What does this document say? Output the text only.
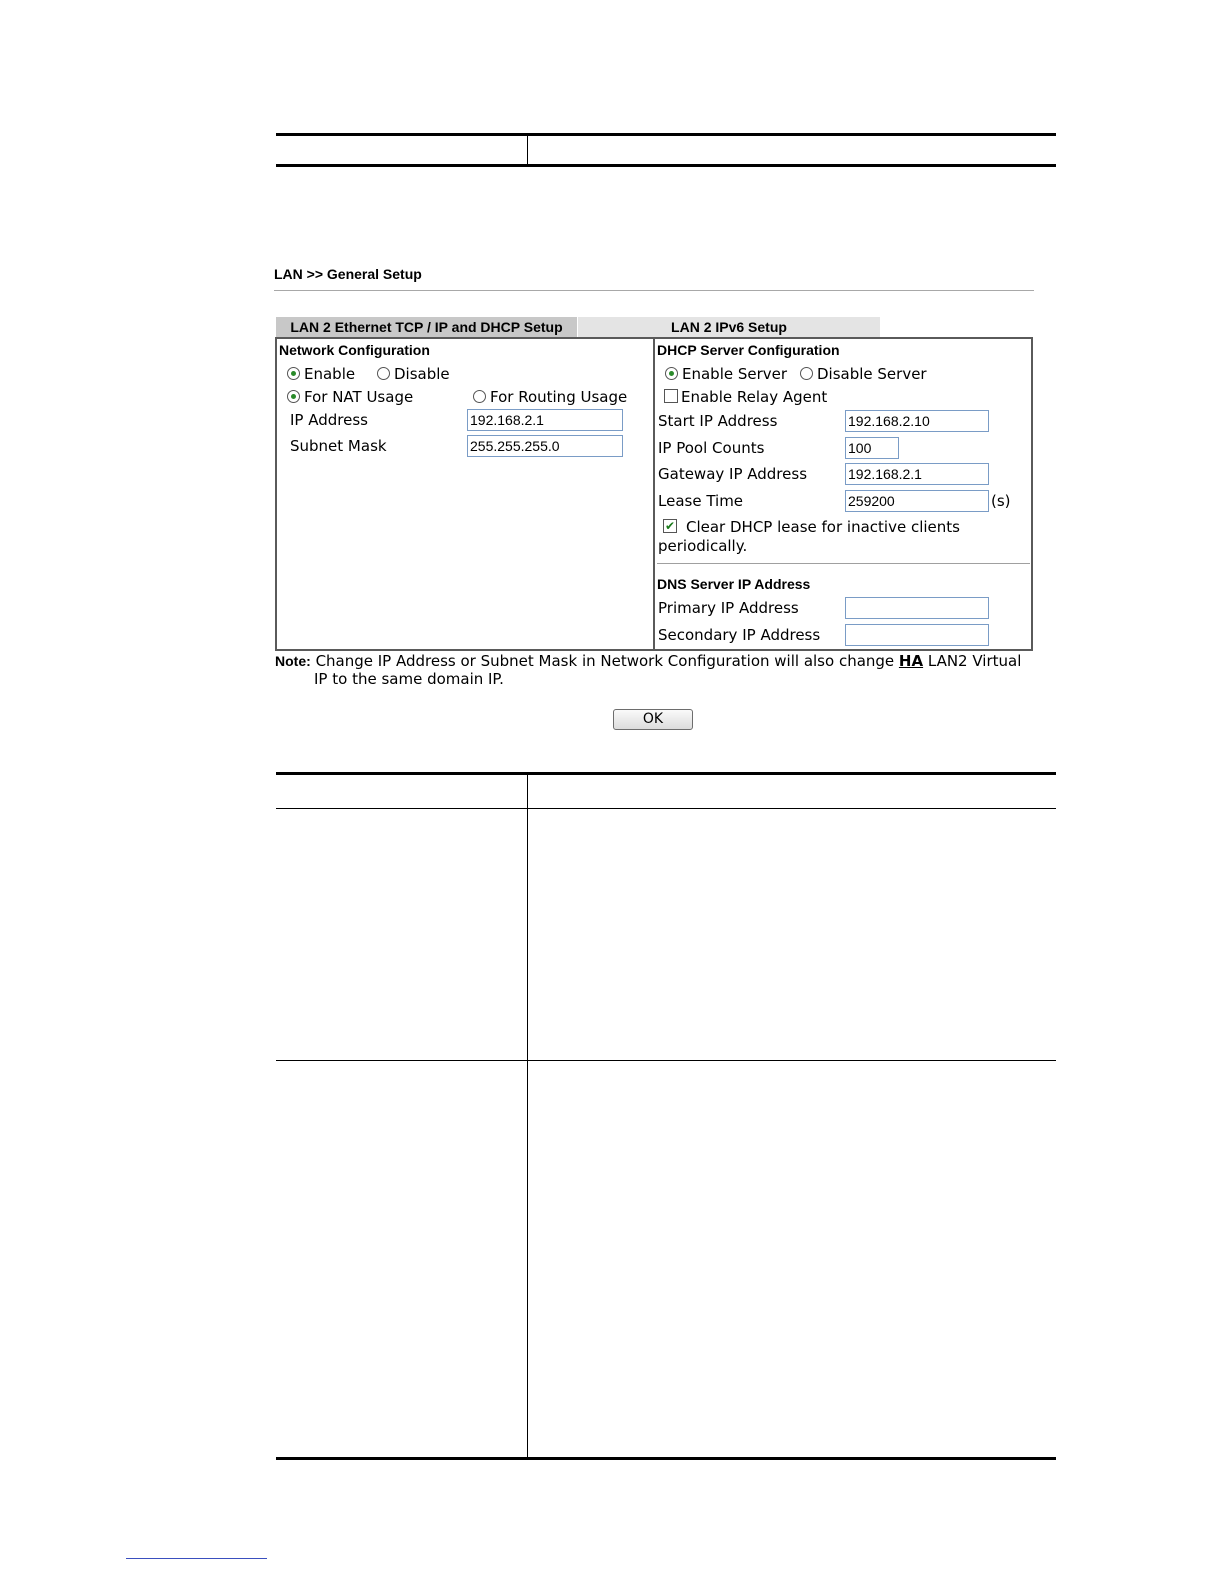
LAN >> General Setup
LAN 2 Ethernet TCP / IP and DHCP Setup	LAN 2 IPv6 Setup
Network Configuration
Enable	Disable
For NAT Usage	For Routing Usage
IP Address	192.168.2.1
Subnet Mask	255.255.255.0
DHCP Server Configuration
Enable Server Disable Server
Enable Relay Agent
Start IP Address	192.168.2.10
IP Pool Counts	100
Gateway IP Address	192.168.2.1
Lease Time	259200	(s)
✔ Clear DHCP lease for inactive clients
periodically.
DNS Server IP Address
Primary IP Address
Secondary IP Address
Note: Change IP Address or Subnet Mask in Network Configuration will also change HA LAN2 Virtual
IP to the same domain IP.
OK
